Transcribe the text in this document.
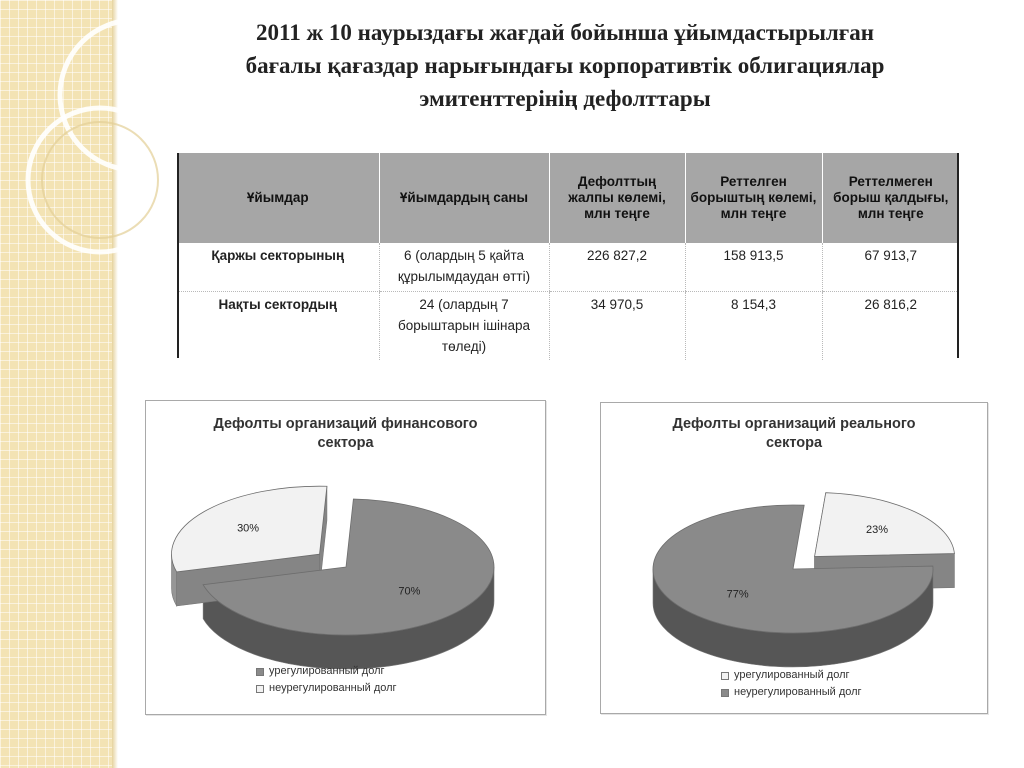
2011 ж 10 наурыздағы жағдай бойынша ұйымдастырылған
бағалы қағаздар нарығындағы корпоративтік облигациялар
эмитенттерінің дефолттары
Ұйымдар	Ұйымдардың саны	Дефолттың жалпы көлемі, млн теңге	Реттелген борыштың көлемі, млн теңге	Реттелмеген борыш қалдығы, млн теңге
Қаржы секторының	6 (олардың 5 қайта құрылымдаудан өтті)	226 827,2	158 913,5	67 913,7
Нақты сектордың	24 (олардың 7 борыштарын ішінара төледі)	34 970,5	8 154,3	26 816,2
Дефолты организаций финансового
сектора
70%
30%
урегулированный долг
неурегулированный долг
Дефолты организаций реального
сектора
23%
77%
урегулированный долг
неурегулированный долг
